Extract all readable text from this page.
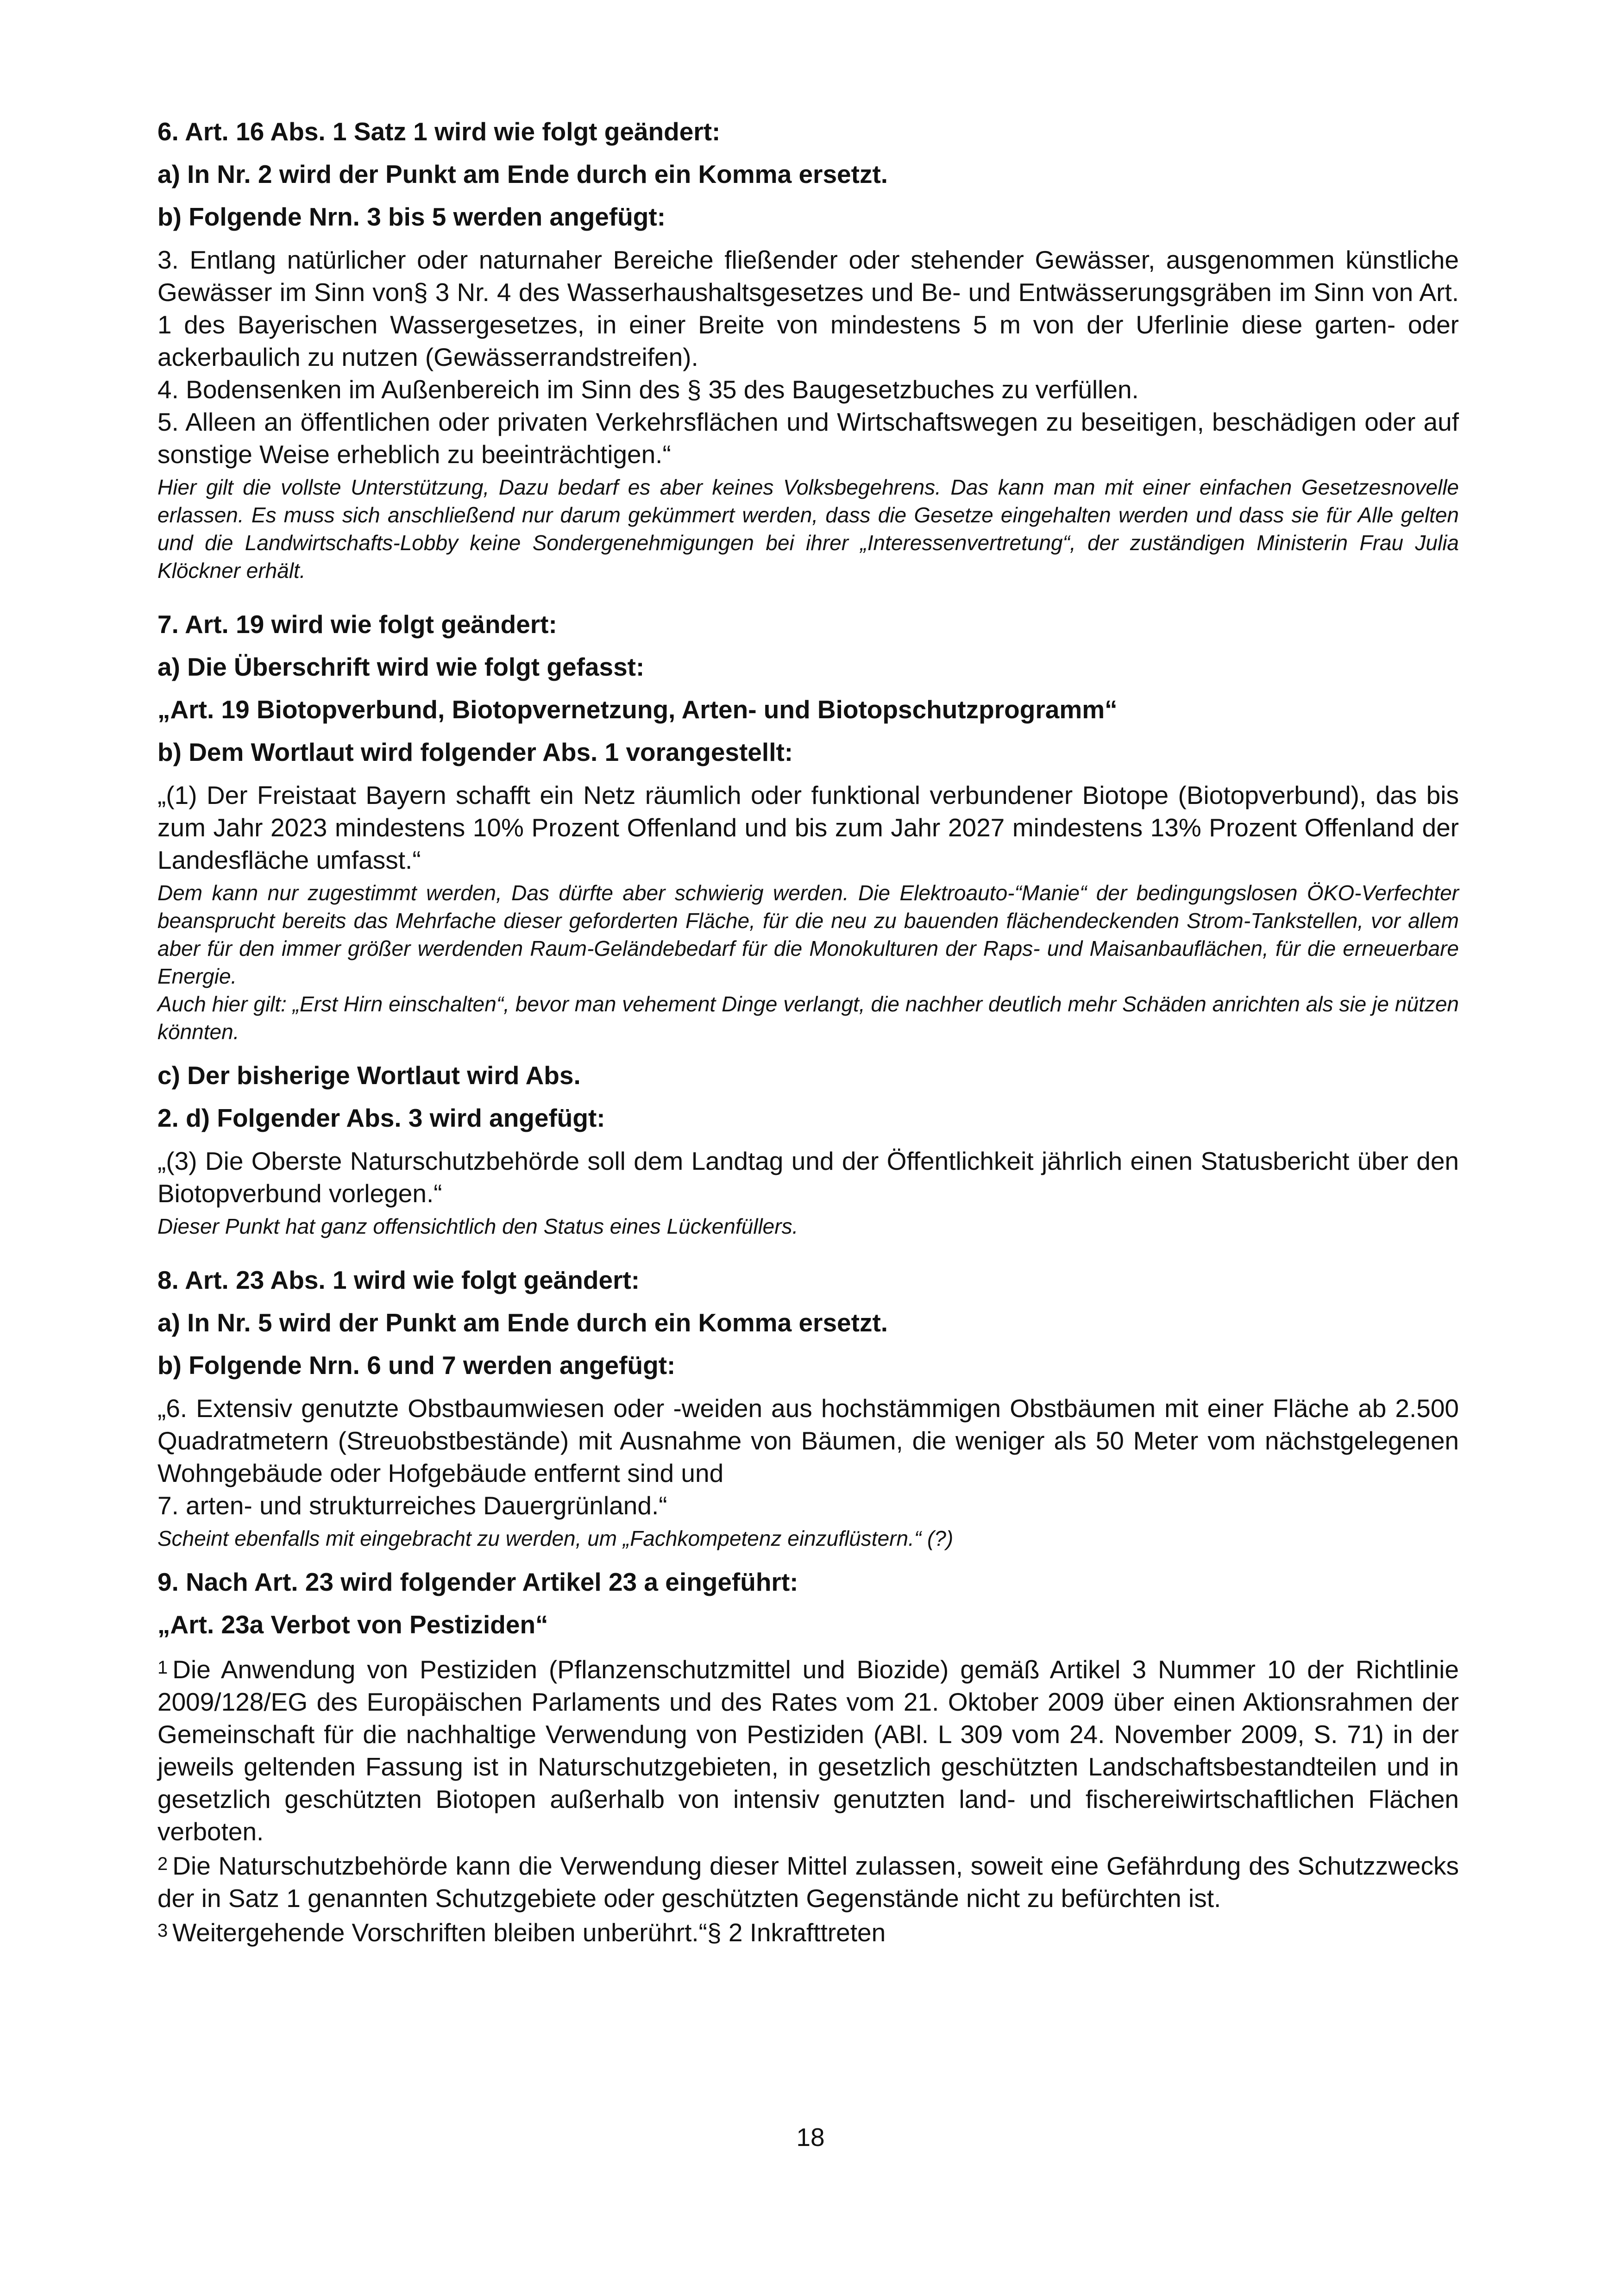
6. Art. 16 Abs. 1 Satz 1 wird wie folgt geändert:
a) In Nr. 2 wird der Punkt am Ende durch ein Komma ersetzt.
b) Folgende Nrn. 3 bis 5 werden angefügt:

3. Entlang natürlicher oder naturnaher Bereiche fließender oder stehender Gewässer, ausgenommen künstliche Gewässer im Sinn von§ 3 Nr. 4 des Wasserhaushaltsgesetzes und Be- und Entwässerungsgräben im Sinn von Art. 1 des Bayerischen Wassergesetzes, in einer Breite von mindestens 5 m von der Uferlinie diese garten- oder ackerbaulich zu nutzen (Gewässerrandstreifen).

4. Bodensenken im Außenbereich im Sinn des § 35 des Baugesetzbuches zu verfüllen.

5. Alleen an öffentlichen oder privaten Verkehrsflächen und Wirtschaftswegen zu beseitigen, beschädigen oder auf sonstige Weise erheblich zu beeinträchtigen.“

Hier gilt die vollste Unterstützung, Dazu bedarf es aber keines Volksbegehrens. Das kann man mit einer einfachen Gesetzesnovelle erlassen. Es muss sich anschließend nur darum gekümmert werden, dass die Gesetze eingehalten werden und dass sie für Alle gelten und die Landwirtschafts-Lobby keine Sondergenehmigungen bei ihrer „Interessenvertretung“, der zuständigen Ministerin Frau Julia Klöckner erhält.

7. Art. 19 wird wie folgt geändert:
a) Die Überschrift wird wie folgt gefasst:
„Art. 19 Biotopverbund, Biotopvernetzung, Arten- und Biotopschutzprogramm“
b) Dem Wortlaut wird folgender Abs. 1 vorangestellt:

„(1) Der Freistaat Bayern schafft ein Netz räumlich oder funktional verbundener Biotope (Biotopverbund), das bis zum Jahr 2023 mindestens 10% Prozent Offenland und bis zum Jahr 2027 mindestens 13% Prozent Offenland der Landesfläche umfasst.“

Dem kann nur zugestimmt werden, Das dürfte aber schwierig werden. Die Elektroauto-“Manie“ der bedingungslosen ÖKO-Verfechter beansprucht bereits das Mehrfache dieser geforderten Fläche, für die neu zu bauenden flächendeckenden Strom-Tankstellen, vor allem aber für den immer größer werdenden Raum-Geländebedarf für die Monokulturen der Raps- und Maisanbauflächen, für die erneuerbare Energie.

Auch hier gilt: „Erst Hirn einschalten“, bevor man vehement Dinge verlangt, die nachher deutlich mehr Schäden anrichten als sie je nützen könnten.

c) Der bisherige Wortlaut wird Abs.
2. d) Folgender Abs. 3 wird angefügt:

„(3) Die Oberste Naturschutzbehörde soll dem Landtag und der Öffentlichkeit jährlich einen Statusbericht über den Biotopverbund vorlegen.“

Dieser Punkt hat ganz offensichtlich den Status eines Lückenfüllers.

8. Art. 23 Abs. 1 wird wie folgt geändert:
a) In Nr. 5 wird der Punkt am Ende durch ein Komma ersetzt.
b) Folgende Nrn. 6 und 7 werden angefügt:

„6. Extensiv genutzte Obstbaumwiesen oder -weiden aus hochstämmigen Obstbäumen mit einer Fläche ab 2.500 Quadratmetern (Streuobstbestände) mit Ausnahme von Bäumen, die weniger als 50 Meter vom nächstgelegenen Wohngebäude oder Hofgebäude entfernt sind und

7. arten- und strukturreiches Dauergrünland.“

Scheint ebenfalls mit eingebracht zu werden, um „Fachkompetenz einzuflüstern.“ (?)

9. Nach Art. 23 wird folgender Artikel 23 a eingeführt:
„Art. 23a Verbot von Pestiziden“

$^1$ Die Anwendung von Pestiziden (Pflanzenschutzmittel und Biozide) gemäß Artikel 3 Nummer 10 der Richtlinie 2009/128/EG des Europäischen Parlaments und des Rates vom 21. Oktober 2009 über einen Aktionsrahmen der Gemeinschaft für die nachhaltige Verwendung von Pestiziden (ABl. L 309 vom 24. November 2009, S. 71) in der jeweils geltenden Fassung ist in Naturschutzgebieten, in gesetzlich geschützten Landschaftsbestandteilen und in gesetzlich geschützten Biotopen außerhalb von intensiv genutzten land- und fischereiwirtschaftlichen Flächen verboten.

$^2$ Die Naturschutzbehörde kann die Verwendung dieser Mittel zulassen, soweit eine Gefährdung des Schutzzwecks der in Satz 1 genannten Schutzgebiete oder geschützten Gegenstände nicht zu befürchten ist.

$^3$ Weitergehende Vorschriften bleiben unberührt.“§ 2 Inkrafttreten

18
